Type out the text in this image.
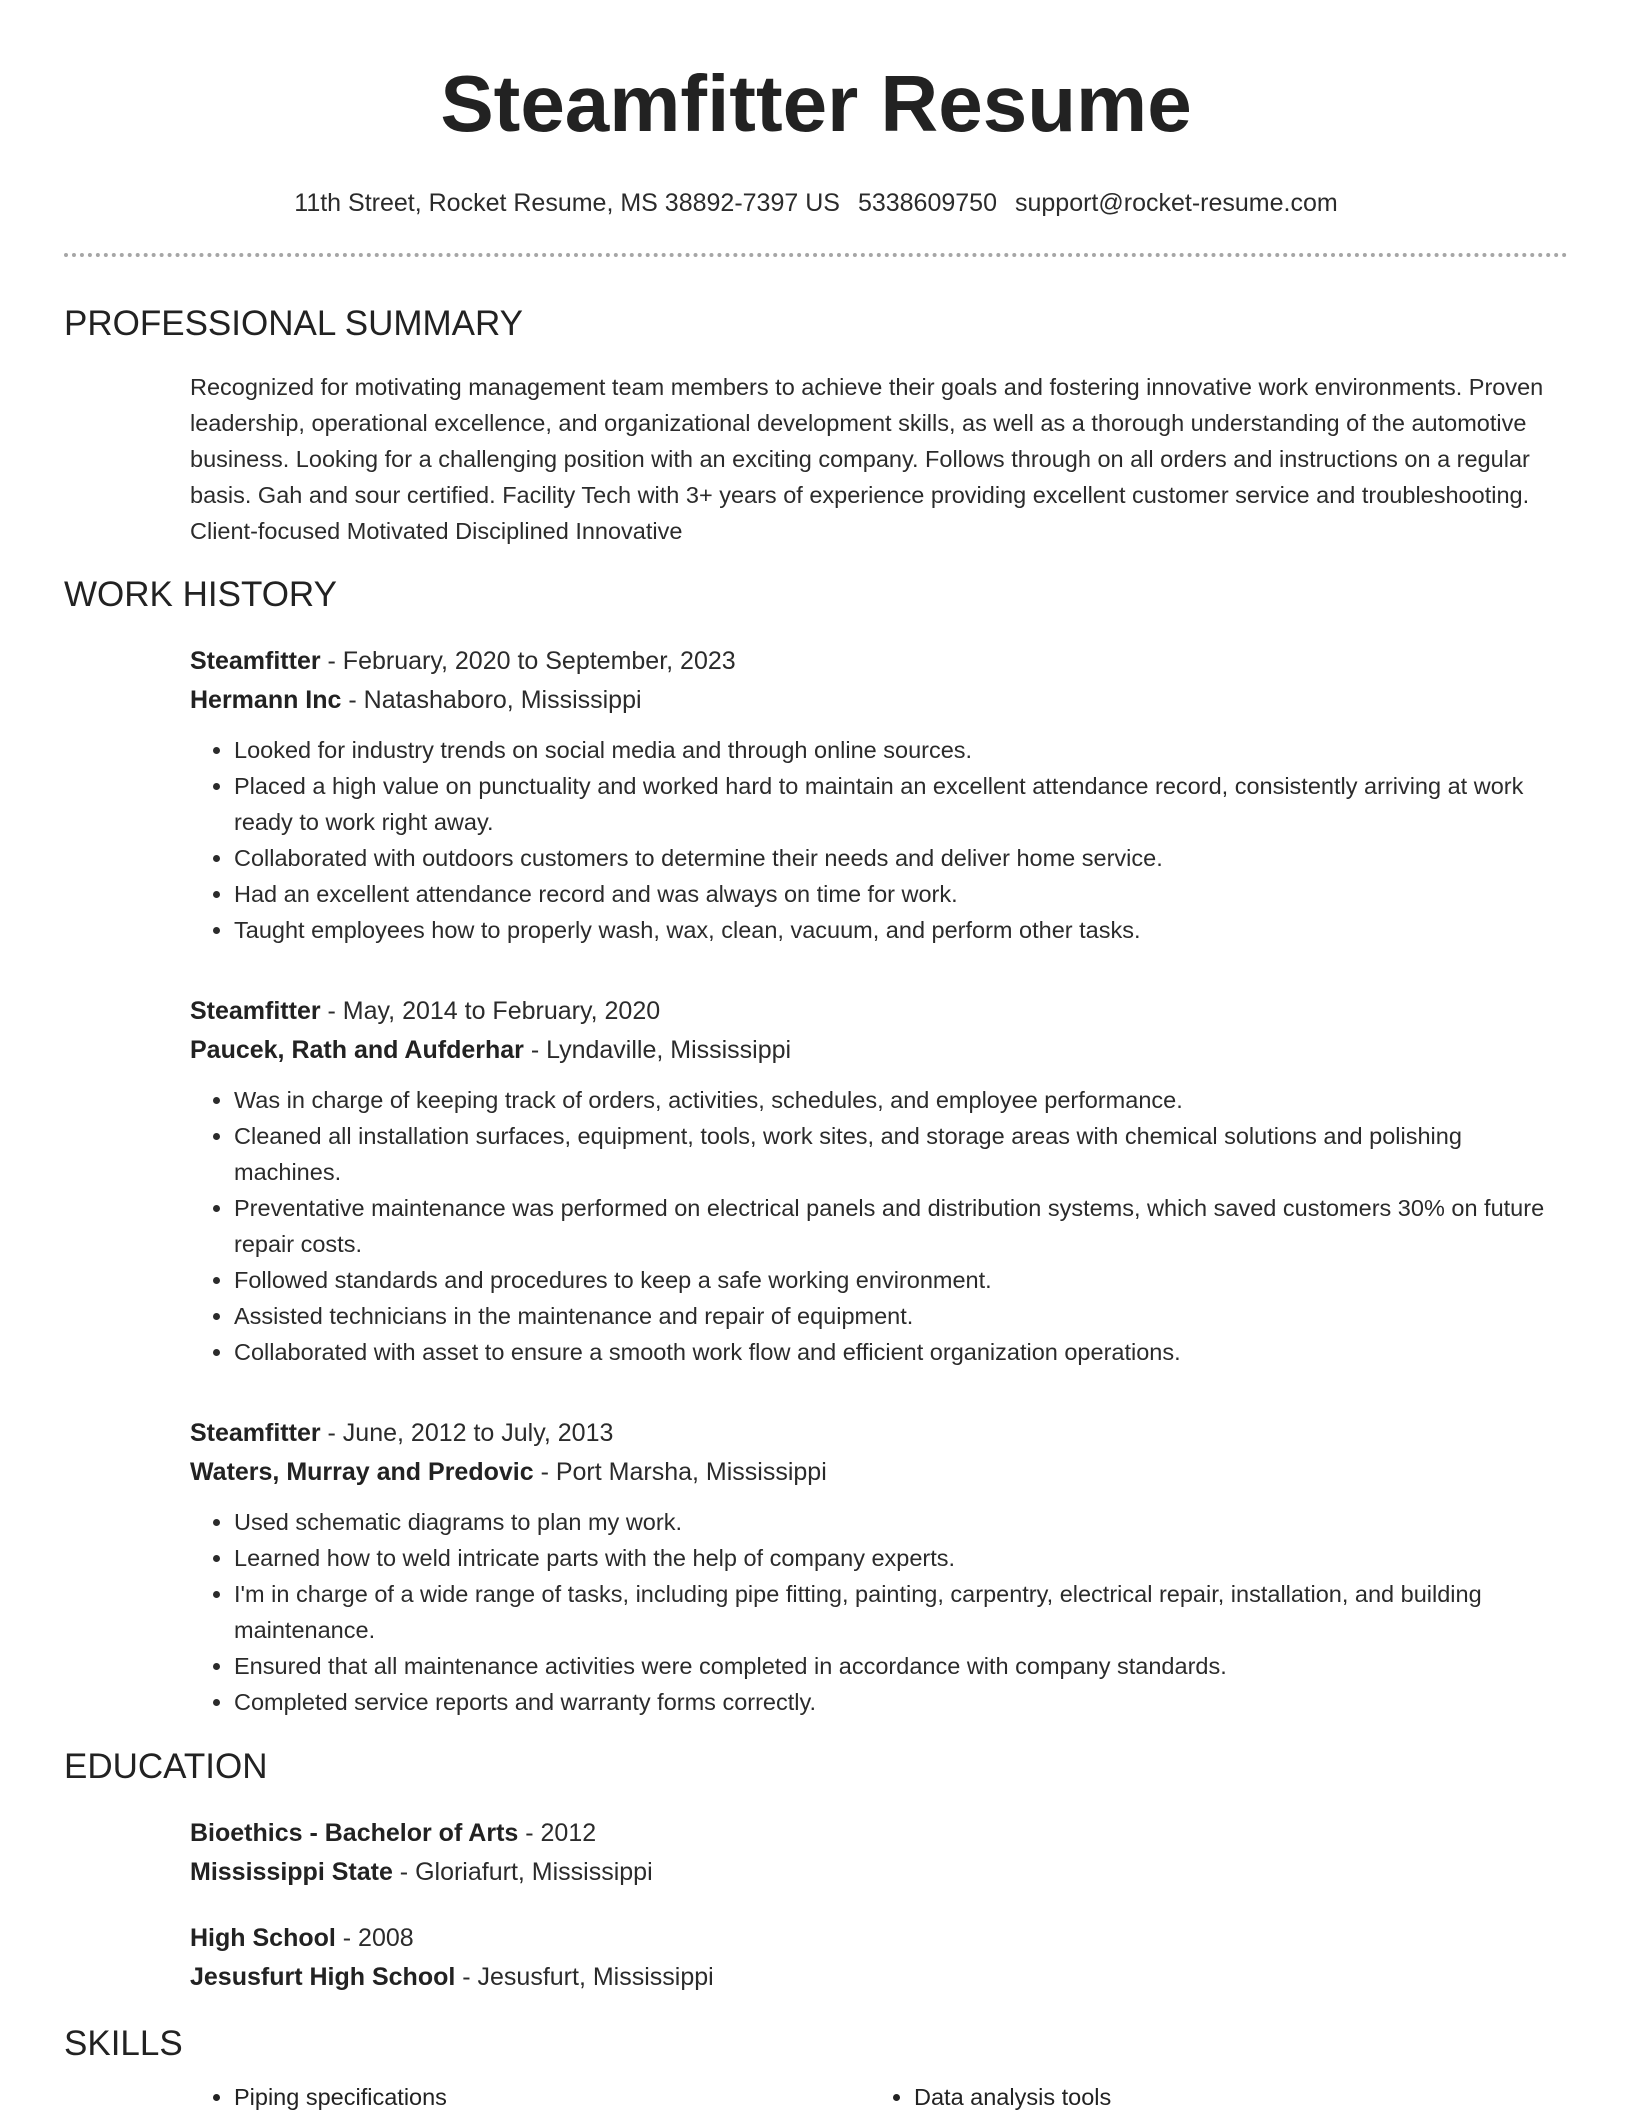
Steamfitter Resume
11th Street, Rocket Resume, MS 38892-7397 US 5338609750 support@rocket-resume.com
PROFESSIONAL SUMMARY
Recognized for motivating management team members to achieve their goals and fostering innovative work environments. Proven leadership, operational excellence, and organizational development skills, as well as a thorough understanding of the automotive business. Looking for a challenging position with an exciting company. Follows through on all orders and instructions on a regular basis. Gah and sour certified. Facility Tech with 3+ years of experience providing excellent customer service and troubleshooting. Client-focused Motivated Disciplined Innovative
WORK HISTORY
Steamfitter - February, 2020 to September, 2023
Hermann Inc - Natashaboro, Mississippi
• Looked for industry trends on social media and through online sources.
• Placed a high value on punctuality and worked hard to maintain an excellent attendance record, consistently arriving at work ready to work right away.
• Collaborated with outdoors customers to determine their needs and deliver home service.
• Had an excellent attendance record and was always on time for work.
• Taught employees how to properly wash, wax, clean, vacuum, and perform other tasks.
Steamfitter - May, 2014 to February, 2020
Paucek, Rath and Aufderhar - Lyndaville, Mississippi
• Was in charge of keeping track of orders, activities, schedules, and employee performance.
• Cleaned all installation surfaces, equipment, tools, work sites, and storage areas with chemical solutions and polishing machines.
• Preventative maintenance was performed on electrical panels and distribution systems, which saved customers 30% on future repair costs.
• Followed standards and procedures to keep a safe working environment.
• Assisted technicians in the maintenance and repair of equipment.
• Collaborated with asset to ensure a smooth work flow and efficient organization operations.
Steamfitter - June, 2012 to July, 2013
Waters, Murray and Predovic - Port Marsha, Mississippi
• Used schematic diagrams to plan my work.
• Learned how to weld intricate parts with the help of company experts.
• I'm in charge of a wide range of tasks, including pipe fitting, painting, carpentry, electrical repair, installation, and building maintenance.
• Ensured that all maintenance activities were completed in accordance with company standards.
• Completed service reports and warranty forms correctly.
EDUCATION
Bioethics - Bachelor of Arts - 2012
Mississippi State - Gloriafurt, Mississippi
High School - 2008
Jesusfurt High School - Jesusfurt, Mississippi
SKILLS
• Piping specifications
•	Data analysis tools
